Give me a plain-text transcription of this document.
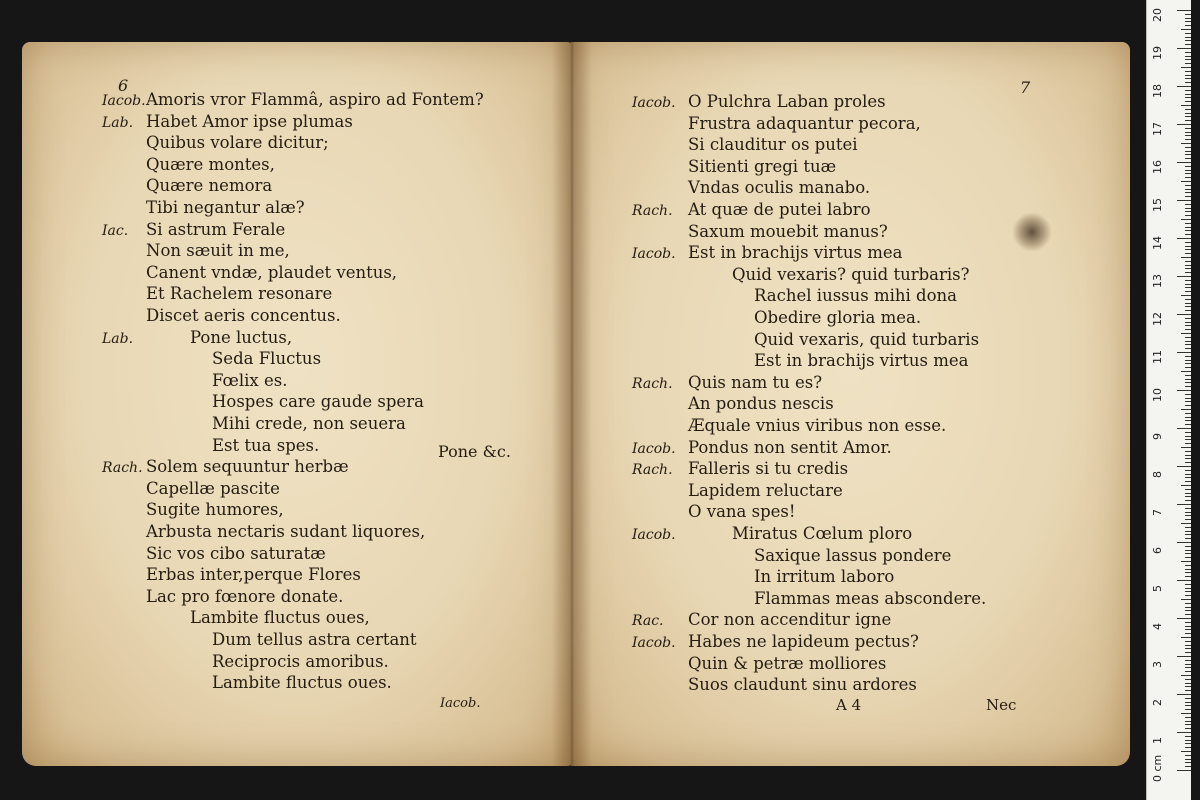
6
Iacob. Amoris vror Flammâ, aspiro ad Fontem?
Lab. Habet Amor ipse plumas
Quibus volare dicitur;
Quære montes,
Quære nemora
Tibi negantur alæ?
Iac. Si astrum Ferale
Non sæuit in me,
Canent vndæ, plaudet ventus,
Et Rachelem resonare
Discet aeris concentus.
Lab.	Pone luctus,
Seda Fluctus
Fœlix es.
Hospes care gaude spera
Mihi crede, non seuera
Est tua spes.
Rach. Solem sequuntur herbæ
Capellæ pascite
Sugite humores,
Arbusta nectaris sudant liquores,
Sic vos cibo saturatæ
Erbas inter,perque Flores
Lac pro fœnore donate.
Lambite fluctus oues,
Dum tellus astra certant
Reciprocis amoribus.
Lambite fluctus oues.
Pone &c.
Iacob.
7
Iacob. O Pulchra Laban proles
Frustra adaquantur pecora,
Si clauditur os putei
Sitienti gregi tuæ
Vndas oculis manabo.
Rach. At quæ de putei labro
Saxum mouebit manus?
Iacob. Est in brachijs virtus mea
Quid vexaris? quid turbaris?
Rachel iussus mihi dona
Obedire gloria mea.
Quid vexaris, quid turbaris
Est in brachijs virtus mea
Rach. Quis nam tu es?
An pondus nescis
Æquale vnius viribus non esse.
Iacob. Pondus non sentit Amor.
Rach. Falleris si tu credis
Lapidem reluctare
O vana spes!
Iacob.	Miratus Cœlum ploro
Saxique lassus pondere
In irritum laboro
Flammas meas abscondere.
Rac. Cor non accenditur igne
Iacob. Habes ne lapideum pectus?
Quin & petræ molliores
Suos claudunt sinu ardores
A 4	Nec
20
19
18
17
16
15
14
13
12
11
10
9
8
7
6
5
4
3
2
1
0 cm
